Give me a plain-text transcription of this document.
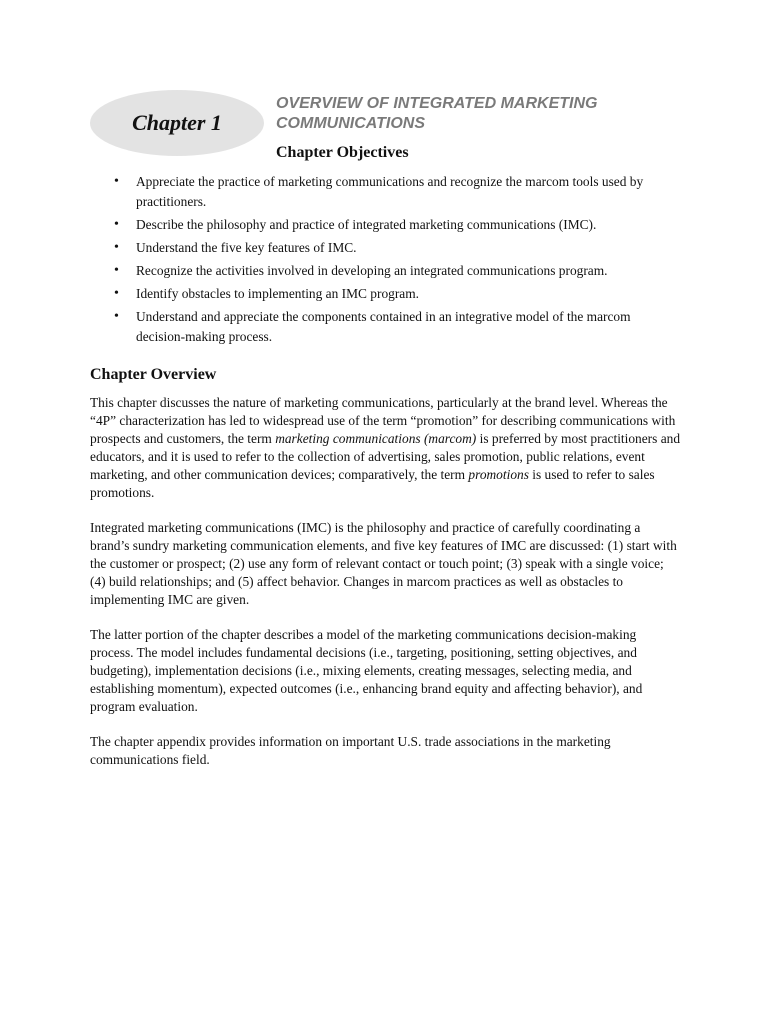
Chapter 1
OVERVIEW OF INTEGRATED MARKETING COMMUNICATIONS
Chapter Objectives
• Appreciate the practice of marketing communications and recognize the marcom tools used by practitioners.
• Describe the philosophy and practice of integrated marketing communications (IMC).
• Understand the five key features of IMC.
• Recognize the activities involved in developing an integrated communications program.
• Identify obstacles to implementing an IMC program.
• Understand and appreciate the components contained in an integrative model of the marcom decision-making process.
Chapter Overview

This chapter discusses the nature of marketing communications, particularly at the brand level. Whereas the “4P” characterization has led to widespread use of the term “promotion” for describing communications with prospects and customers, the term marketing communications (marcom) is preferred by most practitioners and educators, and it is used to refer to the collection of advertising, sales promotion, public relations, event marketing, and other communication devices; comparatively, the term promotions is used to refer to sales promotions.

Integrated marketing communications (IMC) is the philosophy and practice of carefully coordinating a brand’s sundry marketing communication elements, and five key features of IMC are discussed: (1) start with the customer or prospect; (2) use any form of relevant contact or touch point; (3) speak with a single voice; (4) build relationships; and (5) affect behavior. Changes in marcom practices as well as obstacles to implementing IMC are given.

The latter portion of the chapter describes a model of the marketing communications decision-making process. The model includes fundamental decisions (i.e., targeting, positioning, setting objectives, and budgeting), implementation decisions (i.e., mixing elements, creating messages, selecting media, and establishing momentum), expected outcomes (i.e., enhancing brand equity and affecting behavior), and program evaluation.

The chapter appendix provides information on important U.S. trade associations in the marketing communications field.
